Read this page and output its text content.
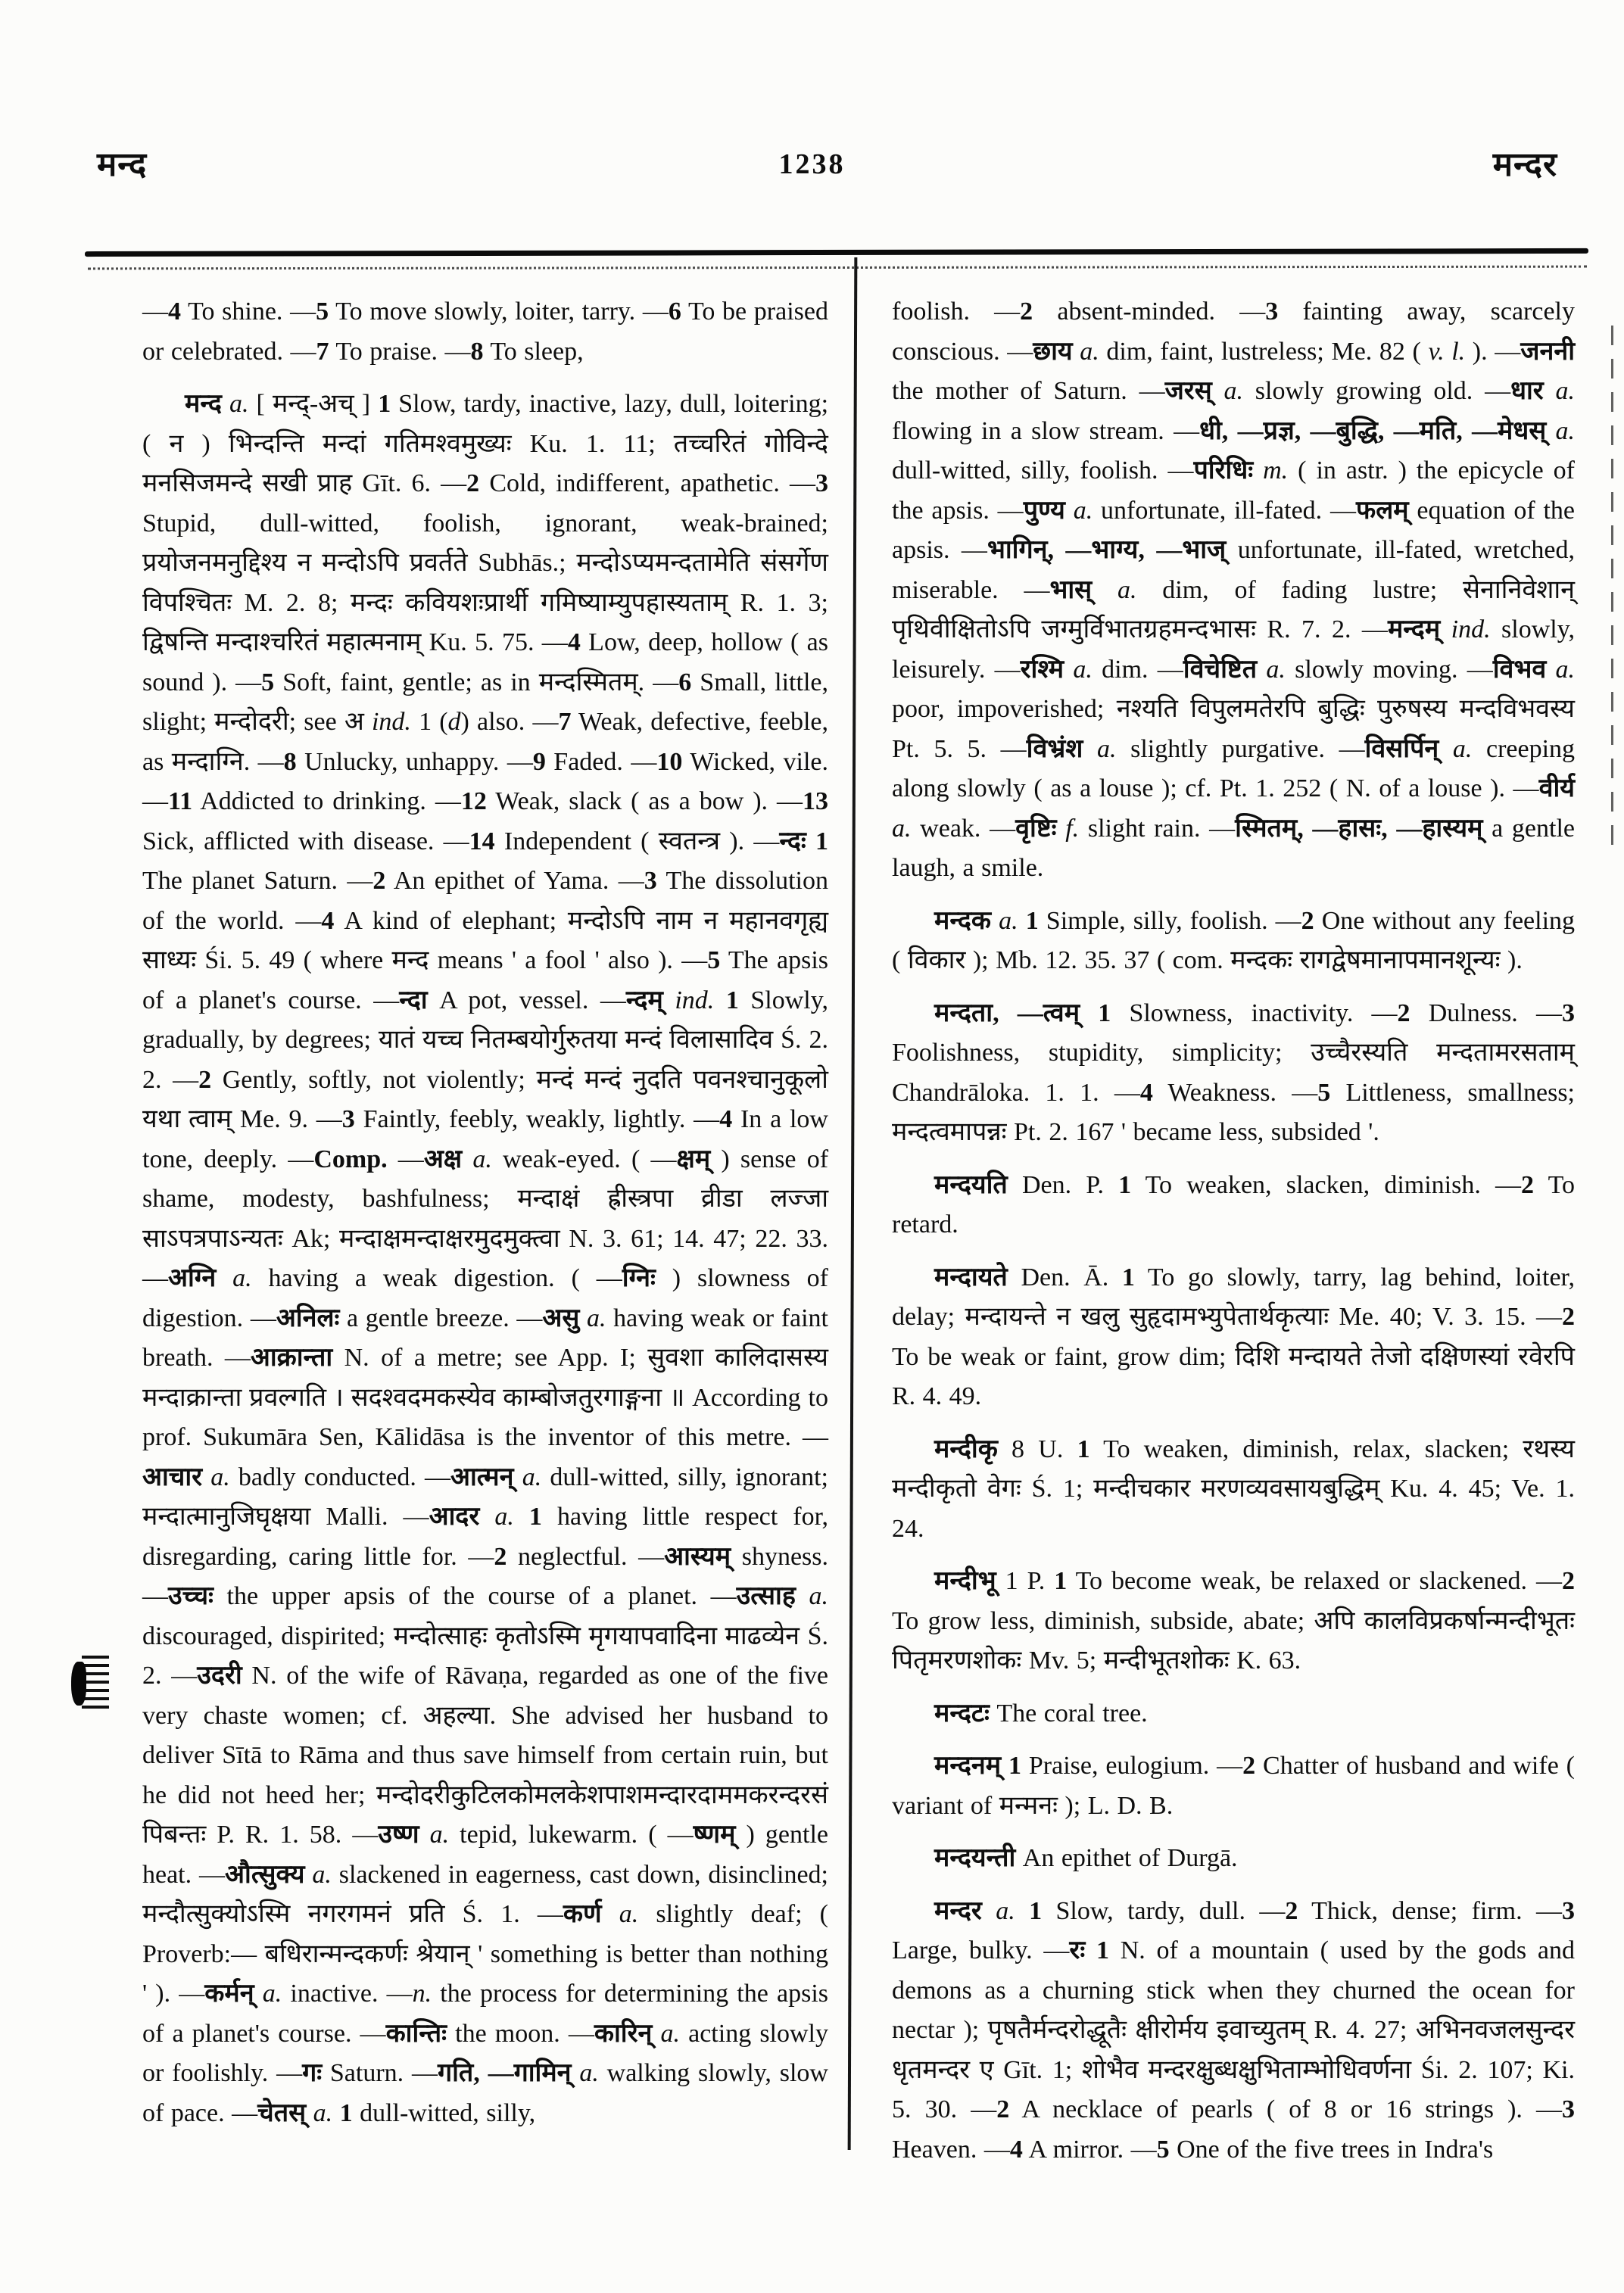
मन्द	1238	मन्दर

—4 To shine. —5 To move slowly, loiter, tarry. —6 To be praised or celebrated. —7 To praise. —8 To sleep,

मन्द a. [ मन्द्-अच् ] 1 Slow, tardy, inactive, lazy, dull, loitering; ( न ) भिन्दन्ति मन्दां गतिमश्वमुख्यः Ku. 1. 11; तच्चरितं गोविन्दे मनसिजमन्दे सखी प्राह Gīt. 6. —2 Cold, indifferent, apathetic. —3 Stupid, dull-witted, foolish, ignorant, weak-brained; प्रयोजनमनुद्दिश्य न मन्दोऽपि प्रवर्तते Subhās.; मन्दोऽप्यमन्दतामेति संसर्गेण विपश्चितः M. 2. 8; मन्दः कवियशःप्रार्थी गमिष्याम्युपहास्यताम् R. 1. 3; द्विषन्ति मन्दाश्चरितं महात्मनाम् Ku. 5. 75. —4 Low, deep, hollow ( as sound ). —5 Soft, faint, gentle; as in मन्दस्मितम्. —6 Small, little, slight; मन्दोदरी; see अ ind. 1 (d) also. —7 Weak, defective, feeble, as मन्दाग्नि. —8 Unlucky, unhappy. —9 Faded. —10 Wicked, vile. —11 Addicted to drinking. —12 Weak, slack ( as a bow ). —13 Sick, afflicted with disease. —14 Independent ( स्वतन्त्र ). —न्दः 1 The planet Saturn. —2 An epithet of Yama. —3 The dissolution of the world. —4 A kind of elephant; मन्दोऽपि नाम न महानवगृह्य साध्यः Śi. 5. 49 ( where मन्द means ' a fool ' also ). —5 The apsis of a planet's course. —न्दा A pot, vessel. —न्दम् ind. 1 Slowly, gradually, by degrees; यातं यच्च नितम्बयोर्गुरुतया मन्दं विलासादिव Ś. 2. 2. —2 Gently, softly, not violently; मन्दं मन्दं नुदति पवनश्चानुकूलो यथा त्वाम् Me. 9. —3 Faintly, feebly, weakly, lightly. —4 In a low tone, deeply. —Comp. —अक्ष a. weak-eyed. ( —क्षम् ) sense of shame, modesty, bashfulness; मन्दाक्षं ह्रीस्त्रपा व्रीडा लज्जा साऽपत्रपाऽन्यतः Ak; मन्दाक्षमन्दाक्षरमुदमुक्त्वा N. 3. 61; 14. 47; 22. 33. —अग्नि a. having a weak digestion. ( —ग्निः ) slowness of digestion. —अनिलः a gentle breeze. —असु a. having weak or faint breath. —आक्रान्ता N. of a metre; see App. I; सुवशा कालिदासस्य मन्दाक्रान्ता प्रवल्गति । सदश्वदमकस्येव काम्बोजतुरगाङ्गना ॥ According to prof. Sukumāra Sen, Kālidāsa is the inventor of this metre. —आचार a. badly conducted. —आत्मन् a. dull-witted, silly, ignorant; मन्दात्मानुजिघृक्षया Malli. —आदर a. 1 having little respect for, disregarding, caring little for. —2 neglectful. —आस्यम् shyness. —उच्चः the upper apsis of the course of a planet. —उत्साह a. discouraged, dispirited; मन्दोत्साहः कृतोऽस्मि मृगयापवादिना माढव्येन Ś. 2. —उदरी N. of the wife of Rāvaṇa, regarded as one of the five very chaste women; cf. अहल्या. She advised her husband to deliver Sītā to Rāma and thus save himself from certain ruin, but he did not heed her; मन्दोदरीकुटिलकोमलकेशपाशमन्दारदाममकरन्दरसं पिबन्तः P. R. 1. 58. —उष्ण a. tepid, lukewarm. ( —ष्णम् ) gentle heat. —औत्सुक्य a. slackened in eagerness, cast down, disinclined; मन्दौत्सुक्योऽस्मि नगरगमनं प्रति Ś. 1. —कर्ण a. slightly deaf; ( Proverb:— बधिरान्मन्दकर्णः श्रेयान् ' something is better than nothing ' ). —कर्मन् a. inactive. —n. the process for determining the apsis of a planet's course. —कान्तिः the moon. —कारिन् a. acting slowly or foolishly. —गः Saturn. —गति, —गामिन् a. walking slowly, slow of pace. —चेतस् a. 1 dull-witted, silly,

foolish. —2 absent-minded. —3 fainting away, scarcely conscious. —छाय a. dim, faint, lustreless; Me. 82 ( v. l. ). —जननी the mother of Saturn. —जरस् a. slowly growing old. —धार a. flowing in a slow stream. —धी, —प्रज्ञ, —बुद्धि, —मति, —मेधस् a. dull-witted, silly, foolish. —परिधिः m. ( in astr. ) the epicycle of the apsis. —पुण्य a. unfortunate, ill-fated. —फलम् equation of the apsis. —भागिन्, —भाग्य, —भाज् unfortunate, ill-fated, wretched, miserable. —भास् a. dim, of fading lustre; सेनानिवेशान् पृथिवीक्षितोऽपि जग्मुर्विभातग्रहमन्दभासः R. 7. 2. —मन्दम् ind. slowly, leisurely. —रश्मि a. dim. —विचेष्टित a. slowly moving. —विभव a. poor, impoverished; नश्यति विपुलमतेरपि बुद्धिः पुरुषस्य मन्दविभवस्य Pt. 5. 5. —विभ्रंश a. slightly purgative. —विसर्पिन् a. creeping along slowly ( as a louse ); cf. Pt. 1. 252 ( N. of a louse ). —वीर्य a. weak. —वृष्टिः f. slight rain. —स्मितम्, —हासः, —हास्यम् a gentle laugh, a smile.

मन्दक a. 1 Simple, silly, foolish. —2 One without any feeling ( विकार ); Mb. 12. 35. 37 ( com. मन्दकः रागद्वेषमानापमानशून्यः ).

मन्दता, —त्वम् 1 Slowness, inactivity. —2 Dulness. —3 Foolishness, stupidity, simplicity; उच्चैरस्यति मन्दतामरसताम् Chandrāloka. 1. 1. —4 Weakness. —5 Littleness, smallness; मन्दत्वमापन्नः Pt. 2. 167 ' became less, subsided '.

मन्दयति Den. P. 1 To weaken, slacken, diminish. —2 To retard.

मन्दायते Den. Ā. 1 To go slowly, tarry, lag behind, loiter, delay; मन्दायन्ते न खलु सुहृदामभ्युपेतार्थकृत्याः Me. 40; V. 3. 15. —2 To be weak or faint, grow dim; दिशि मन्दायते तेजो दक्षिणस्यां रवेरपि R. 4. 49.

मन्दीकृ 8 U. 1 To weaken, diminish, relax, slacken; रथस्य मन्दीकृतो वेगः Ś. 1; मन्दीचकार मरणव्यवसायबुद्धिम् Ku. 4. 45; Ve. 1. 24.

मन्दीभू 1 P. 1 To become weak, be relaxed or slackened. —2 To grow less, diminish, subside, abate; अपि कालविप्रकर्षान्मन्दीभूतः पितृमरणशोकः Mv. 5; मन्दीभूतशोकः K. 63.

मन्दटः The coral tree.

मन्दनम् 1 Praise, eulogium. —2 Chatter of husband and wife ( variant of मन्मनः ); L. D. B.

मन्दयन्ती An epithet of Durgā.

मन्दर a. 1 Slow, tardy, dull. —2 Thick, dense; firm. —3 Large, bulky. —रः 1 N. of a mountain ( used by the gods and demons as a churning stick when they churned the ocean for nectar ); पृषतैर्मन्दरोद्धूतैः क्षीरोर्मय इवाच्युतम् R. 4. 27; अभिनवजलसुन्दर धृतमन्दर ए Gīt. 1; शोभैव मन्दरक्षुब्धक्षुभिताम्भोधिवर्णना Śi. 2. 107; Ki. 5. 30. —2 A necklace of pearls ( of 8 or 16 strings ). —3 Heaven. —4 A mirror. —5 One of the five trees in Indra's
